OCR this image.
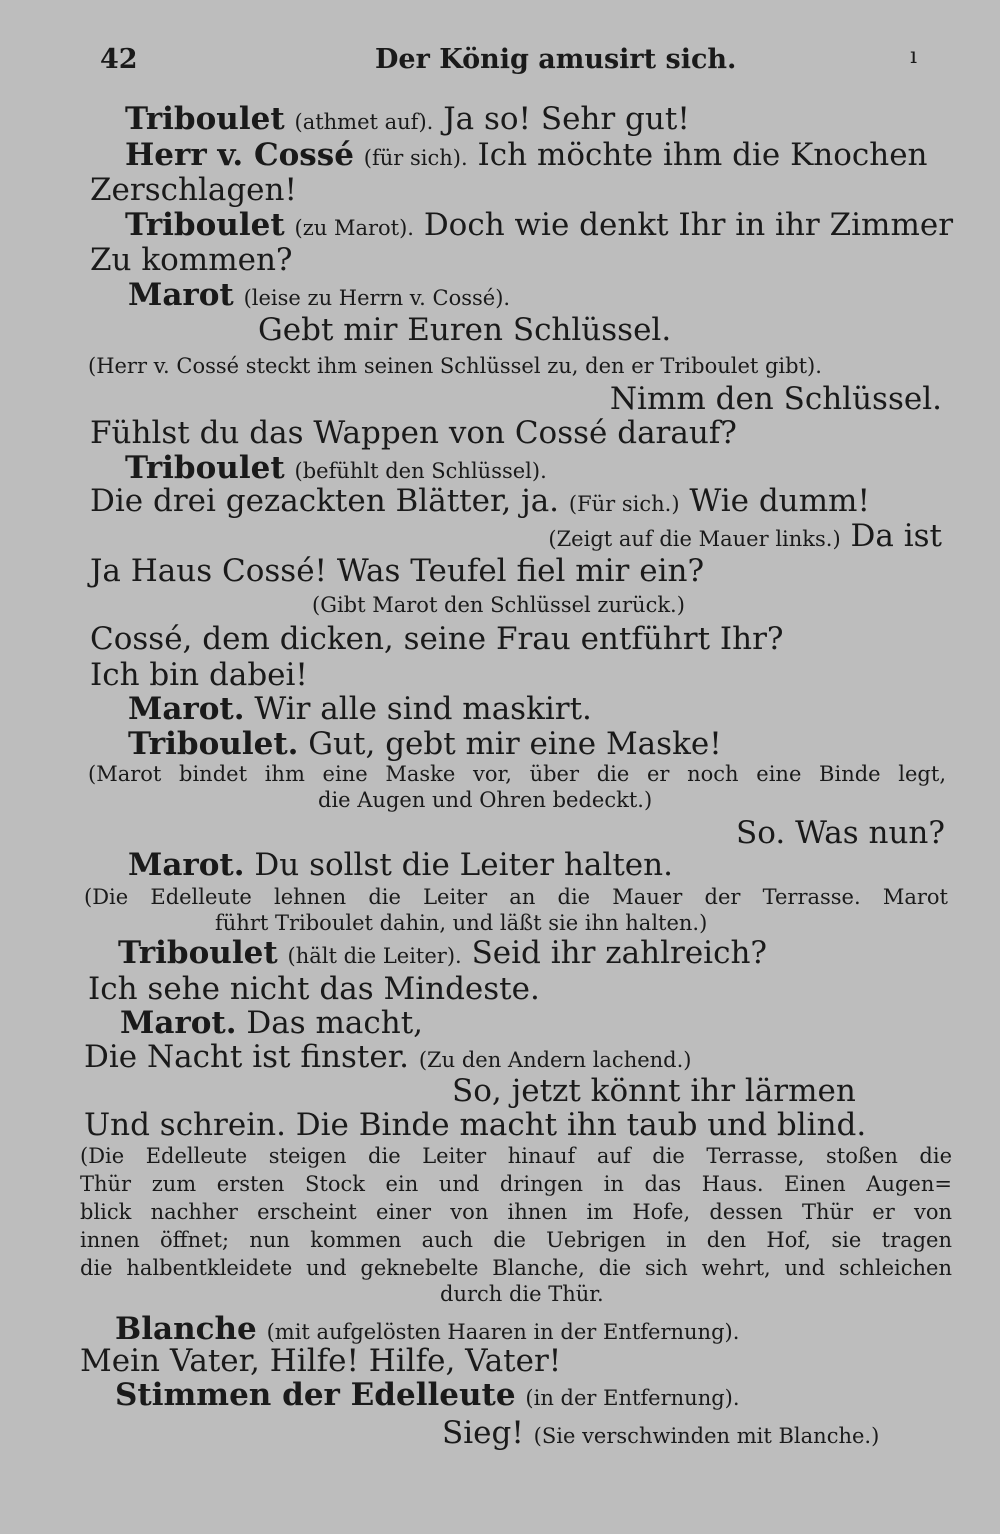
42	Der König amusirt sich.	ı
Triboulet (athmet auf). Ja so! Sehr gut!
Herr v. Cossé (für sich). Ich möchte ihm die Knochen
Zerschlagen!
Triboulet (zu Marot). Doch wie denkt Ihr in ihr Zimmer
Zu kommen?
Marot (leise zu Herrn v. Cossé).
Gebt mir Euren Schlüssel.
(Herr v. Cossé steckt ihm seinen Schlüssel zu, den er Triboulet gibt).
Nimm den Schlüssel.
Fühlst du das Wappen von Cossé darauf?
Triboulet (befühlt den Schlüssel).
Die drei gezackten Blätter, ja. (Für sich.) Wie dumm!
(Zeigt auf die Mauer links.) Da ist
Ja Haus Cossé! Was Teufel fiel mir ein?
(Gibt Marot den Schlüssel zurück.)
Cossé, dem dicken, seine Frau entführt Ihr?
Ich bin dabei!
Marot. Wir alle sind maskirt.
Triboulet. Gut, gebt mir eine Maske!
(Marot bindet ihm eine Maske vor, über die er noch eine Binde legt,
die Augen und Ohren bedeckt.)
So. Was nun?
Marot. Du sollst die Leiter halten.
(Die Edelleute lehnen die Leiter an die Mauer der Terrasse. Marot
führt Triboulet dahin, und läßt sie ihn halten.)
Triboulet (hält die Leiter). Seid ihr zahlreich?
Ich sehe nicht das Mindeste.
Marot. Das macht,
Die Nacht ist finster. (Zu den Andern lachend.)
So, jetzt könnt ihr lärmen
Und schrein. Die Binde macht ihn taub und blind.
(Die Edelleute steigen die Leiter hinauf auf die Terrasse, stoßen die
Thür zum ersten Stock ein und dringen in das Haus. Einen Augen=
blick nachher erscheint einer von ihnen im Hofe, dessen Thür er von
innen öffnet; nun kommen auch die Uebrigen in den Hof, sie tragen
die halbentkleidete und geknebelte Blanche, die sich wehrt, und schleichen
durch die Thür.
Blanche (mit aufgelösten Haaren in der Entfernung).
Mein Vater, Hilfe! Hilfe, Vater!
Stimmen der Edelleute (in der Entfernung).
Sieg! (Sie verschwinden mit Blanche.)
